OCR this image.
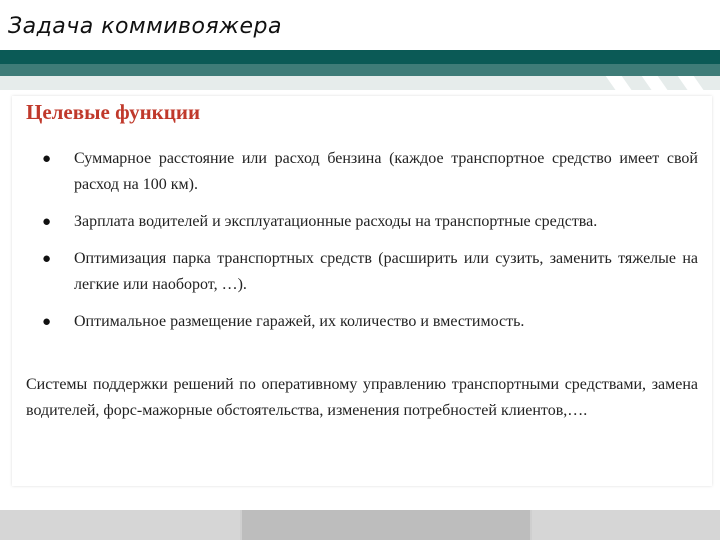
Задача коммивояжера
Целевые функции
● Суммарное расстояние или расход бензина (каждое транспортное средство имеет свой расход на 100 км).
● Зарплата водителей и эксплуатационные расходы на транспортные средства.
● Оптимизация парка транспортных средств (расширить или сузить, заменить тяжелые на легкие или наоборот, …).
● Оптимальное размещение гаражей, их количество и вместимость.
Системы поддержки решений по оперативному управлению транспортными средствами, замена водителей, форс-мажорные обстоятельства, изменения потребностей клиентов,….
